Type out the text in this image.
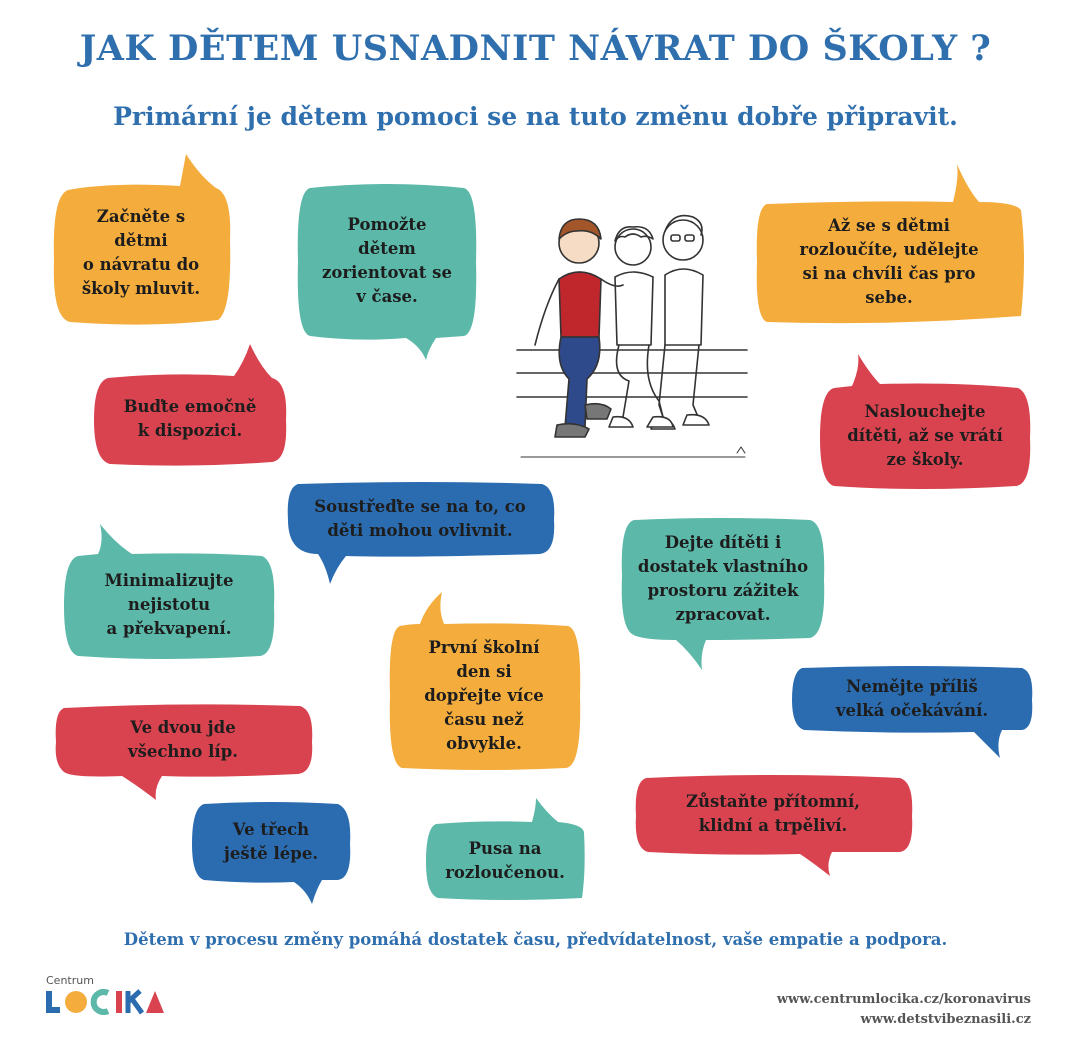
JAK DĚTEM USNADNIT NÁVRAT DO ŠKOLY ?
Primární je dětem pomoci se na tuto změnu dobře připravit.
Začněte s
dětmi
o návratu do
školy mluvit.
Pomožte
dětem
zorientovat se
v čase.
Až se s dětmi
rozloučíte, udělejte
si na chvíli čas pro
sebe.
Buďte emočně
k dispozici.
Naslouchejte
dítěti, až se vrátí
ze školy.
Soustřeďte se na to, co
děti mohou ovlivnit.
Dejte dítěti i
dostatek vlastního
prostoru zážitek
zpracovat.
Minimalizujte
nejistotu
a překvapení.
První školní
den si
dopřejte více
času než
obvykle.
Nemějte příliš
velká očekávání.
Ve dvou jde
všechno líp.
Zůstaňte přítomní,
klidní a trpěliví.
Ve třech
ještě lépe.	Pusa na
rozloučenou.
Dětem v procesu změny pomáhá dostatek času, předvídatelnost, vaše empatie a podpora.
Centrum
www.centrumlocika.cz/koronavirus
www.detstvibeznasili.cz
